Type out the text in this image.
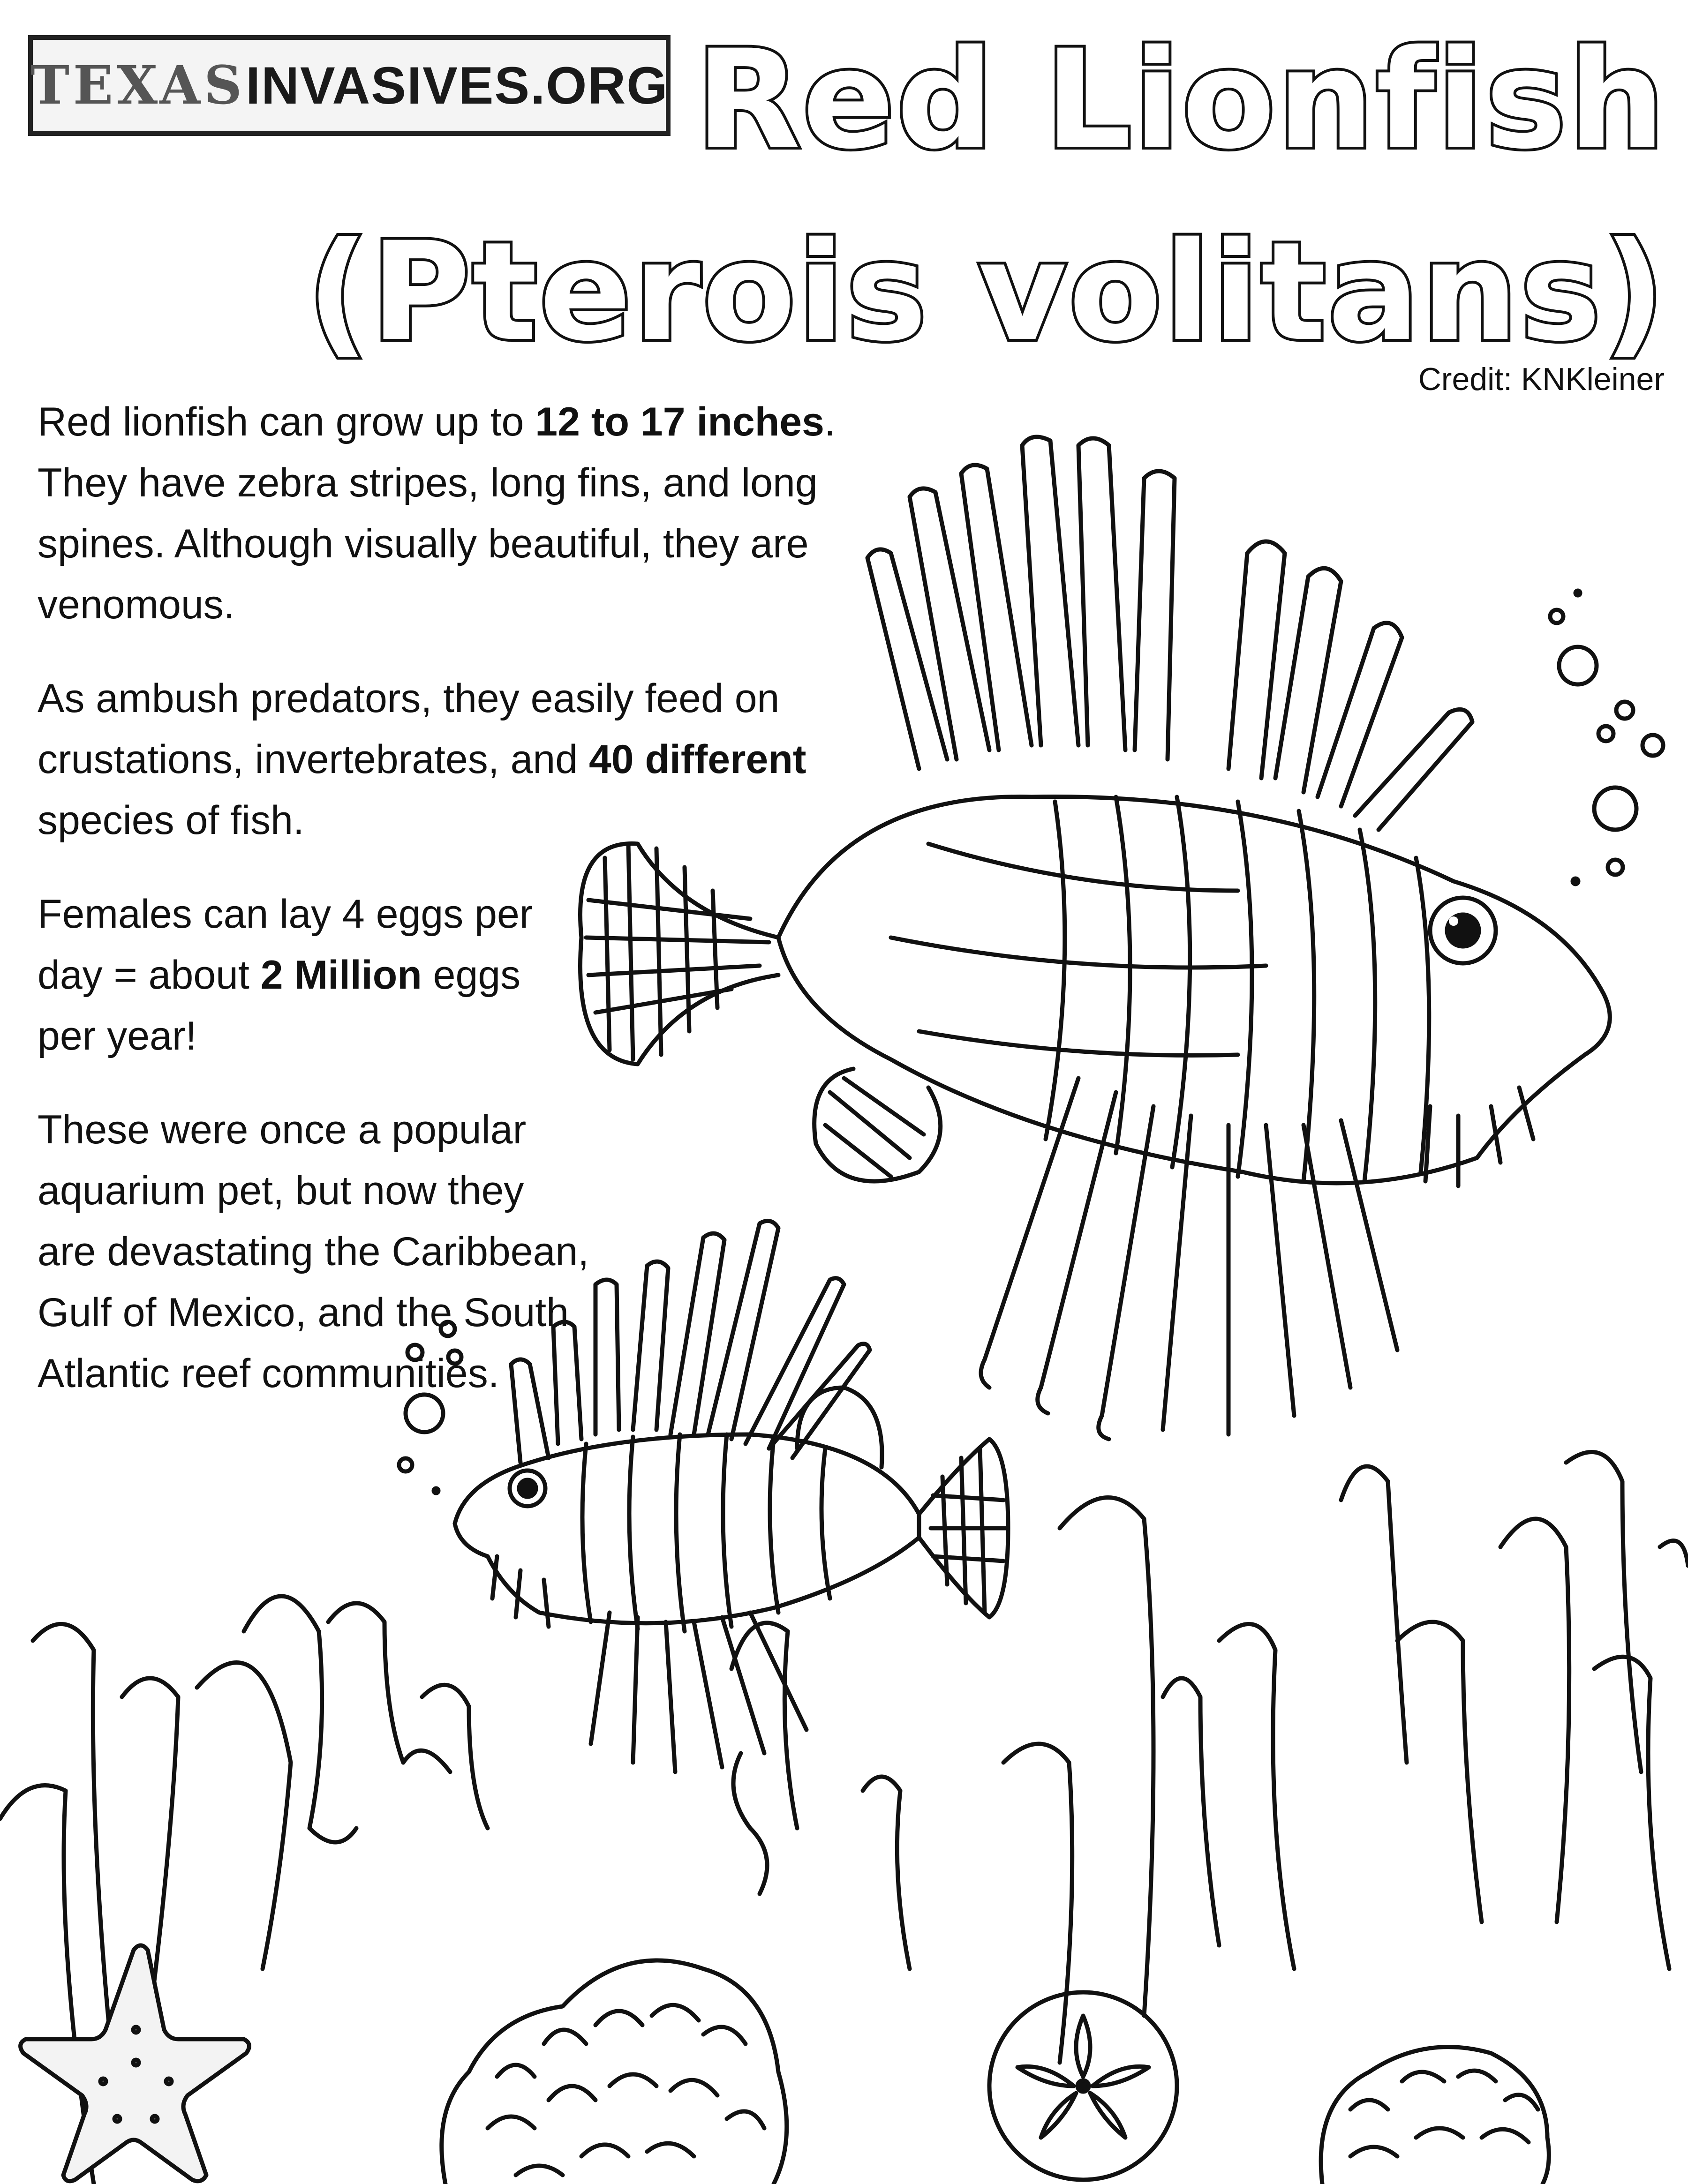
TEXAS INVASIVES.ORG Red Lionfish
(Pterois volitans)
Credit: KNKleiner

Red lionfish can grow up to 12 to 17 inches. They have zebra stripes, long fins, and long spines. Although visually beautiful, they are venomous.

As ambush predators, they easily feed on crustations, invertebrates, and 40 different species of fish.

Females can lay 4 eggs per day = about 2 Million eggs per year!

These were once a popular aquarium pet, but now they are devastating the Caribbean, Gulf of Mexico, and the South Atlantic reef communities.
